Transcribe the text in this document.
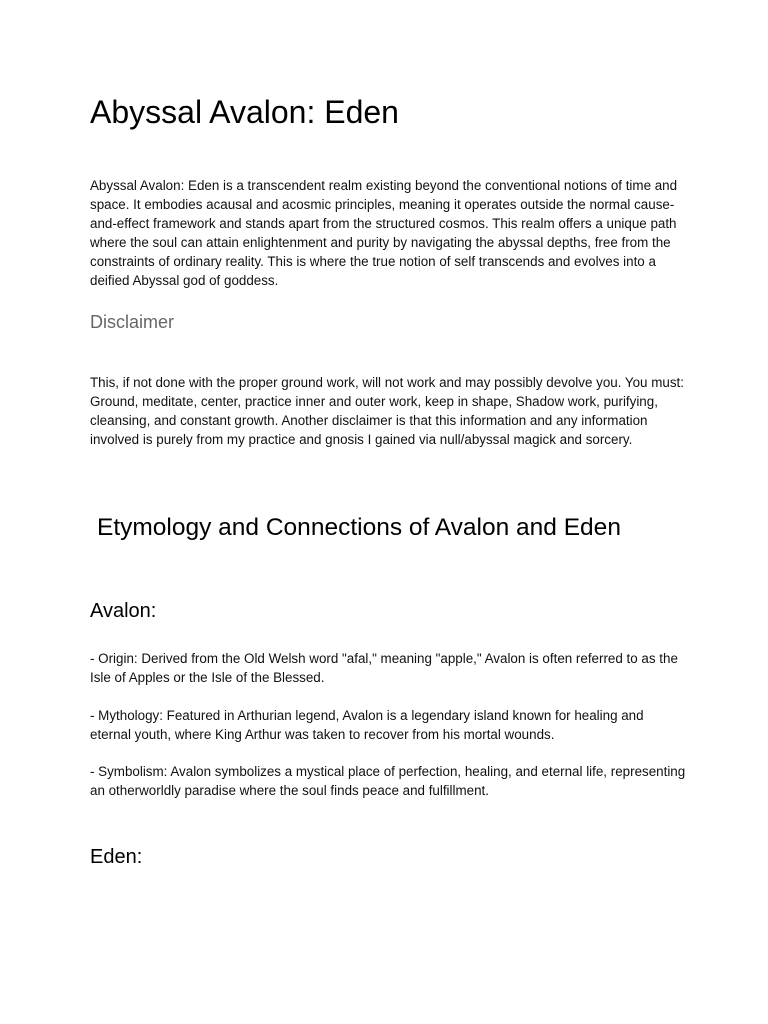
Abyssal Avalon: Eden

Abyssal Avalon: Eden is a transcendent realm existing beyond the conventional notions of time and space. It embodies acausal and acosmic principles, meaning it operates outside the normal cause-and-effect framework and stands apart from the structured cosmos. This realm offers a unique path where the soul can attain enlightenment and purity by navigating the abyssal depths, free from the constraints of ordinary reality. This is where the true notion of self transcends and evolves into a deified Abyssal god of goddess.

Disclaimer

This, if not done with the proper ground work, will not work and may possibly devolve you. You must: Ground, meditate, center, practice inner and outer work, keep in shape, Shadow work, purifying, cleansing, and constant growth. Another disclaimer is that this information and any information involved is purely from my practice and gnosis I gained via null/abyssal magick and sorcery.

Etymology and Connections of Avalon and Eden
Avalon:

- Origin: Derived from the Old Welsh word "afal," meaning "apple," Avalon is often referred to as the Isle of Apples or the Isle of the Blessed.

- Mythology: Featured in Arthurian legend, Avalon is a legendary island known for healing and eternal youth, where King Arthur was taken to recover from his mortal wounds.

- Symbolism: Avalon symbolizes a mystical place of perfection, healing, and eternal life, representing an otherworldly paradise where the soul finds peace and fulfillment.

Eden:
